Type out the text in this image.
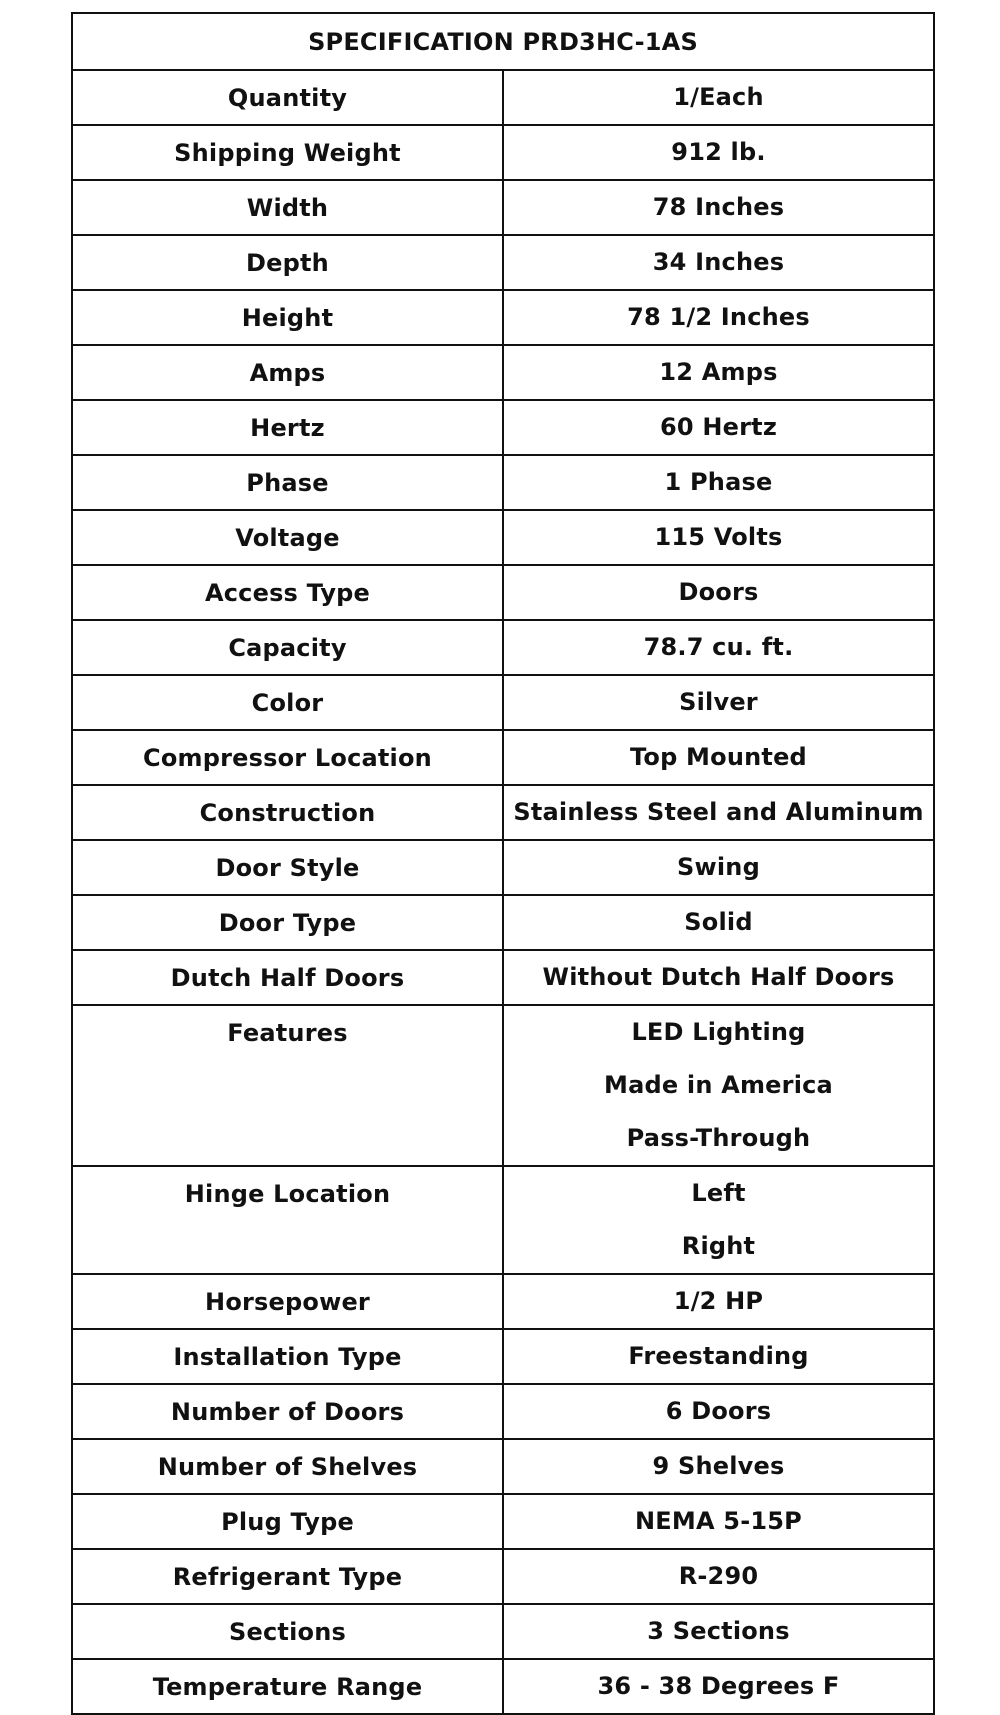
SPECIFICATION PRD3HC-1AS	

Quantity	1/Each

Shipping Weight	912 lb.

Width	78 Inches

Depth	34 Inches

Height	78 1/2 Inches

Amps	12 Amps

Hertz	60 Hertz

Phase	1 Phase

Voltage	115 Volts

Access Type	Doors

Capacity	78.7 cu. ft.

Color	Silver

Compressor Location	Top Mounted

Construction	Stainless Steel and Aluminum

Door Style	Swing

Door Type	Solid

Dutch Half Doors	Without Dutch Half Doors

Features	LED Lighting
Made in America
Pass-Through

Hinge Location	Left
Right

Horsepower	1/2 HP

Installation Type	Freestanding

Number of Doors	6 Doors

Number of Shelves	9 Shelves

Plug Type	NEMA 5-15P

Refrigerant Type	R-290

Sections	3 Sections

Temperature Range	36 - 38 Degrees F
